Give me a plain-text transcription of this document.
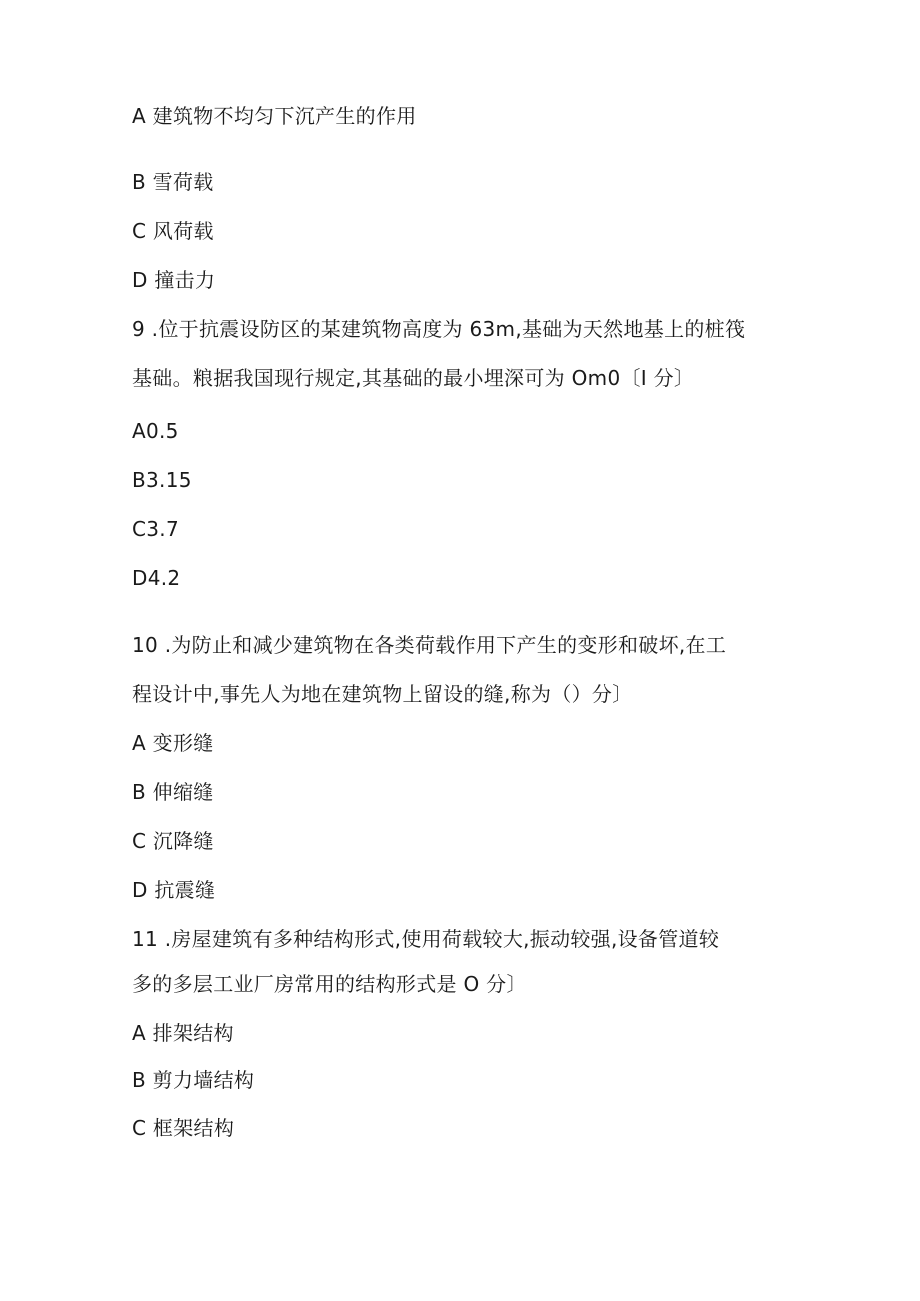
A 建筑物不均匀下沉产生的作用
B 雪荷载
C 风荷载
D 撞击力
9 .位于抗震设防区的某建筑物高度为 63m,基础为天然地基上的桩筏
基础。粮据我国现行规定,其基础的最小埋深可为 Om0〔I 分〕
A0.5
B3.15
C3.7
D4.2
10 .为防止和减少建筑物在各类荷载作用下产生的变形和破坏,在工
程设计中,事先人为地在建筑物上留设的缝,称为（）分〕
A 变形缝
B 伸缩缝
C 沉降缝
D 抗震缝
11 .房屋建筑有多种结构形式,使用荷载较大,振动较强,设备管道较
多的多层工业厂房常用的结构形式是 O 分〕
A 排架结构
B 剪力墙结构
C 框架结构
